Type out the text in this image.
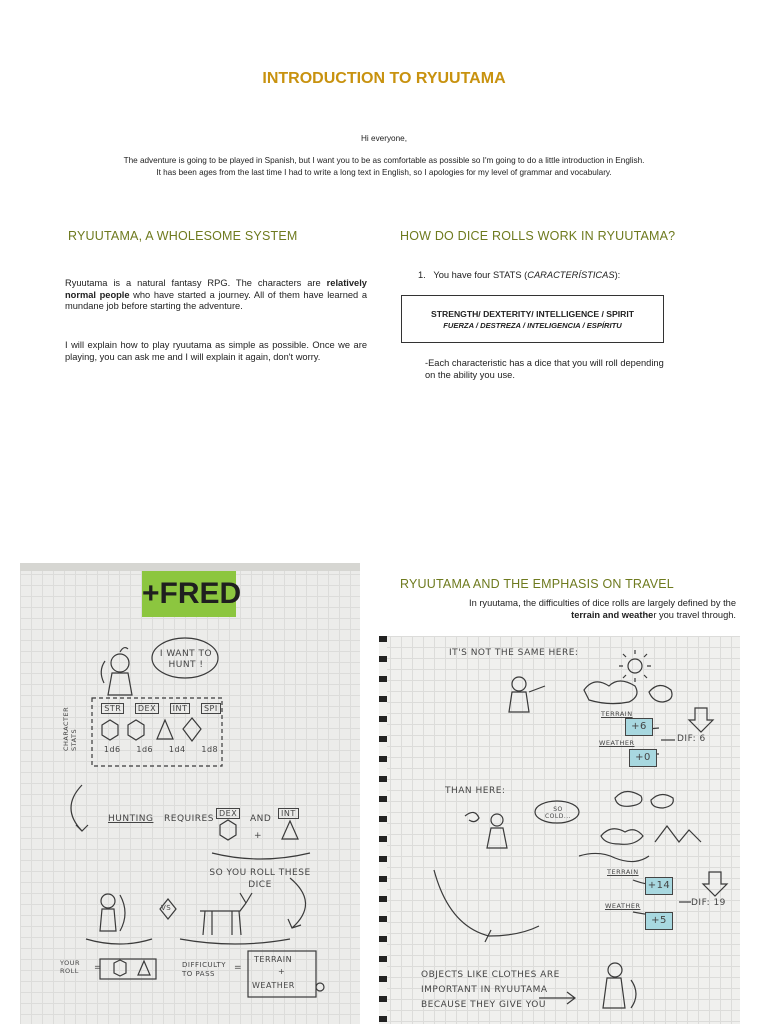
INTRODUCTION TO RYUUTAMA
Hi everyone,
The adventure is going to be played in Spanish, but I want you to be as comfortable as possible so I'm going to do a little introduction in English.
It has been ages from the last time I had to write a long text in English, so I apologies for my level of grammar and vocabulary.
RYUUTAMA, A WHOLESOME SYSTEM
Ryuutama is a natural fantasy RPG. The characters are relatively normal people who have started a journey. All of them have learned a mundane job before starting the adventure.
I will explain how to play ryuutama as simple as possible. Once we are playing, you can ask me and I will explain it again, don't worry.
HOW DO DICE ROLLS WORK IN RYUUTAMA?
1. You have four STATS (CARACTERÍSTICAS):
STRENGTH/ DEXTERITY/ INTELLIGENCE / SPIRIT
FUERZA / DESTREZA / INTELIGENCIA / ESPÍRITU
-Each characteristic has a dice that you will roll depending on the ability you use.
RYUUTAMA AND THE EMPHASIS ON TRAVEL
In ryuutama, the difficulties of dice rolls are largely defined by the
terrain and weather you travel through.
+FRED
I WANT TO HUNT !
STR	DEX	INT	SPI
1d6 1d6 1d4 1d8
CHARACTER STATS
HUNTING REQUIRES
DEX
AND
INT
+
SO YOU ROLL THESE
DICE
VS
YOUR ROLL	=	DIFFICULTY TO PASS
=
TERRAIN
+
WEATHER
IT'S NOT THE SAME HERE:
TERRAIN
+6
WEATHER
+0
DIF: 6
THAN HERE:
SO COLD...
TERRAIN
+14
WEATHER
+5
DIF: 19
OBJECTS LIKE CLOTHES ARE
IMPORTANT IN RYUUTAMA
BECAUSE THEY GIVE YOU
